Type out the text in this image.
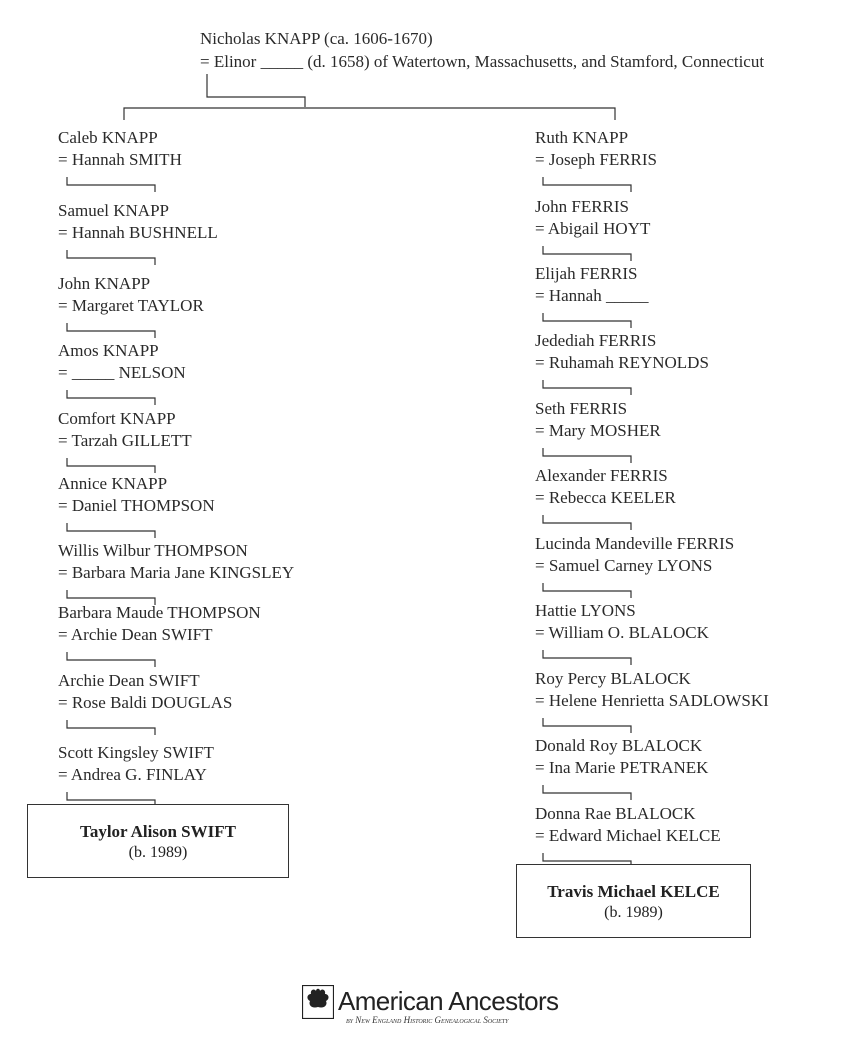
Nicholas KNAPP (ca. 1606-1670)
= Elinor _____ (d. 1658) of Watertown, Massachusetts, and Stamford, Connecticut
Caleb KNAPP
= Hannah SMITH
Samuel KNAPP
= Hannah BUSHNELL
John KNAPP
= Margaret TAYLOR
Amos KNAPP
= _____ NELSON
Comfort KNAPP
= Tarzah GILLETT
Annice KNAPP
= Daniel THOMPSON
Willis Wilbur THOMPSON
= Barbara Maria Jane KINGSLEY
Barbara Maude THOMPSON
= Archie Dean SWIFT
Archie Dean SWIFT
= Rose Baldi DOUGLAS
Scott Kingsley SWIFT
= Andrea G. FINLAY
Ruth KNAPP
= Joseph FERRIS
John FERRIS
= Abigail HOYT
Elijah FERRIS
= Hannah _____
Jedediah FERRIS
= Ruhamah REYNOLDS
Seth FERRIS
= Mary MOSHER
Alexander FERRIS
= Rebecca KEELER
Lucinda Mandeville FERRIS
= Samuel Carney LYONS
Hattie LYONS
= William O. BLALOCK
Roy Percy BLALOCK
= Helene Henrietta SADLOWSKI
Donald Roy BLALOCK
= Ina Marie PETRANEK
Donna Rae BLALOCK
= Edward Michael KELCE
Taylor Alison SWIFT
(b. 1989)
Travis Michael KELCE
(b. 1989)
American Ancestors
by New England Historic Genealogical Society
